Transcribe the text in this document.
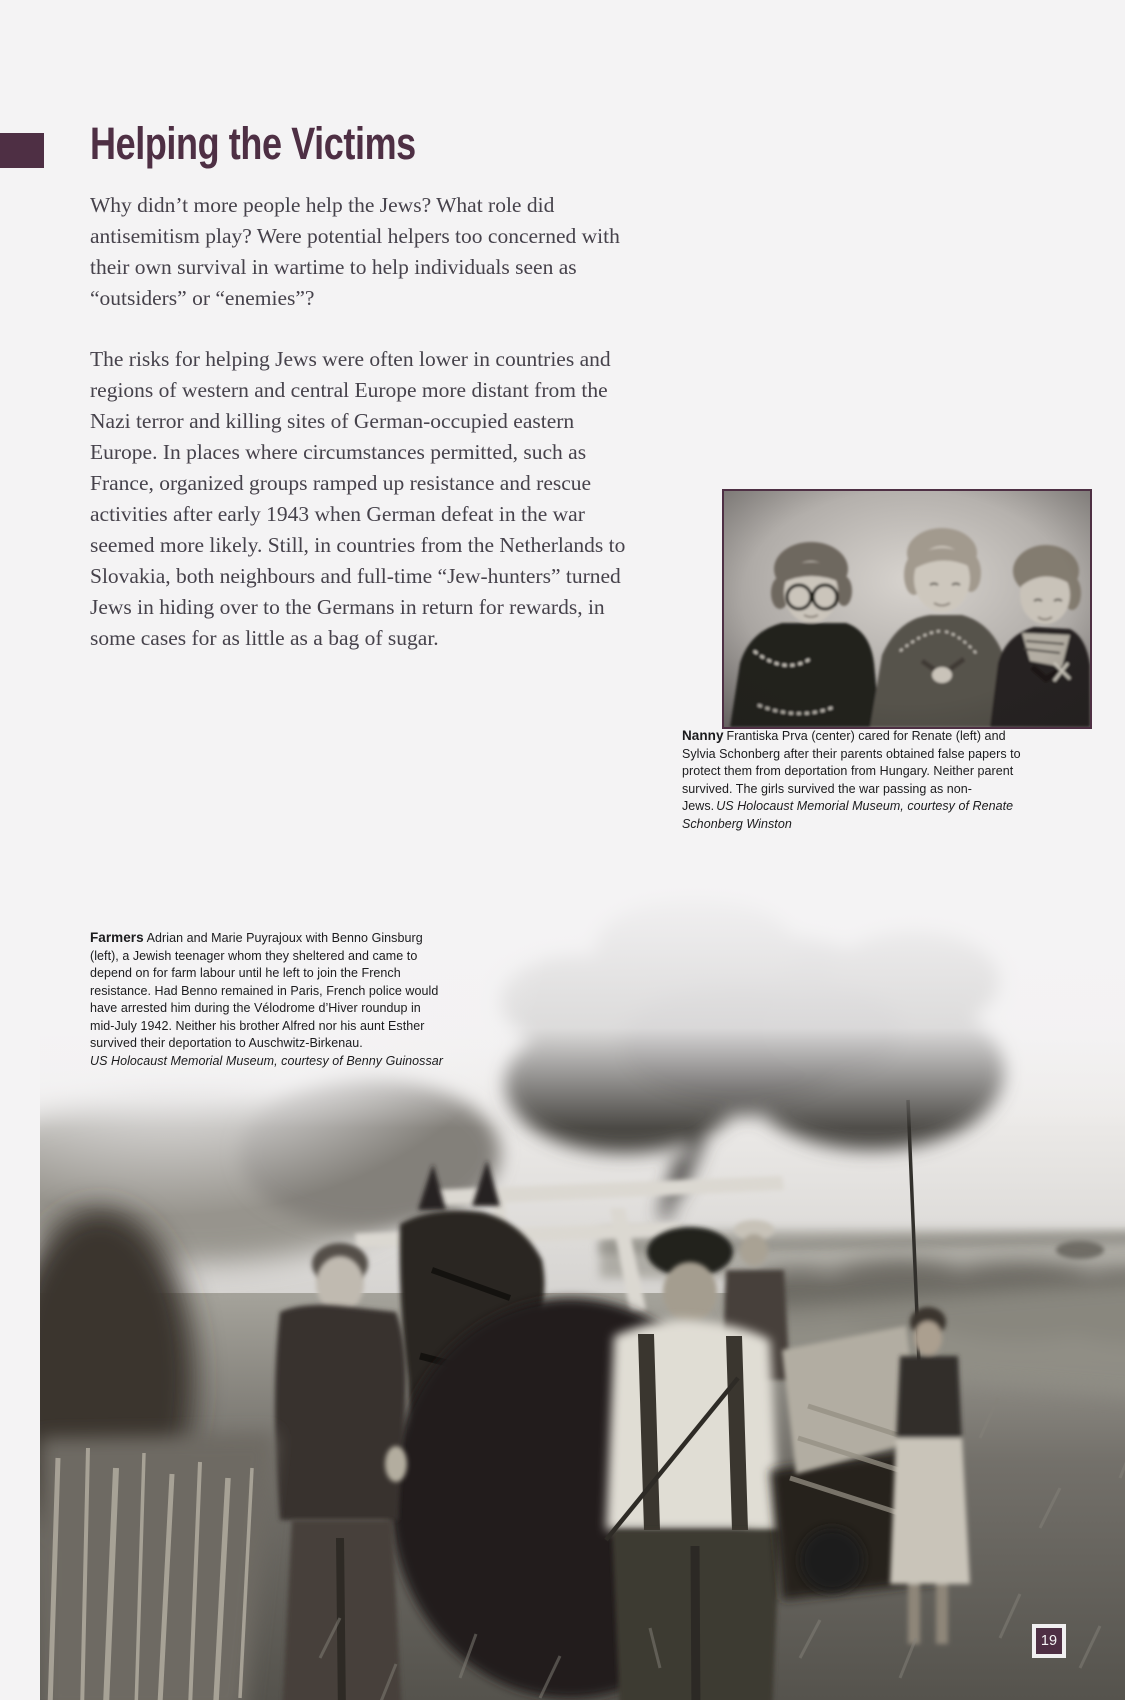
Helping the Victims

Why didn’t more people help the Jews? What role did antisemitism play? Were potential helpers too concerned with their own survival in wartime to help individuals seen as “outsiders” or “enemies”?

The risks for helping Jews were often lower in countries and regions of western and central Europe more distant from the Nazi terror and killing sites of German-occupied eastern Europe. In places where circumstances permitted, such as France, organized groups ramped up resistance and rescue activities after early 1943 when German defeat in the war seemed more likely. Still, in countries from the Netherlands to Slovakia, both neighbours and full-time “Jew-hunters” turned Jews in hiding over to the Germans in return for rewards, in some cases for as little as a bag of sugar.

Nanny Frantiska Prva (center) cared for Renate (left) and Sylvia Schonberg after their parents obtained false papers to protect them from deportation from Hungary. Neither parent survived. The girls survived the war passing as non-Jews. US Holocaust Memorial Museum, courtesy of Renate Schonberg Winston
Farmers Adrian and Marie Puyrajoux with Benno Ginsburg (left), a Jewish teenager whom they sheltered and came to depend on for farm labour until he left to join the French resistance. Had Benno remained in Paris, French police would have arrested him during the Vélodrome d’Hiver roundup in mid-July 1942. Neither his brother Alfred nor his aunt Esther survived their deportation to Auschwitz-Birkenau.
US Holocaust Memorial Museum, courtesy of Benny Guinossar
19
